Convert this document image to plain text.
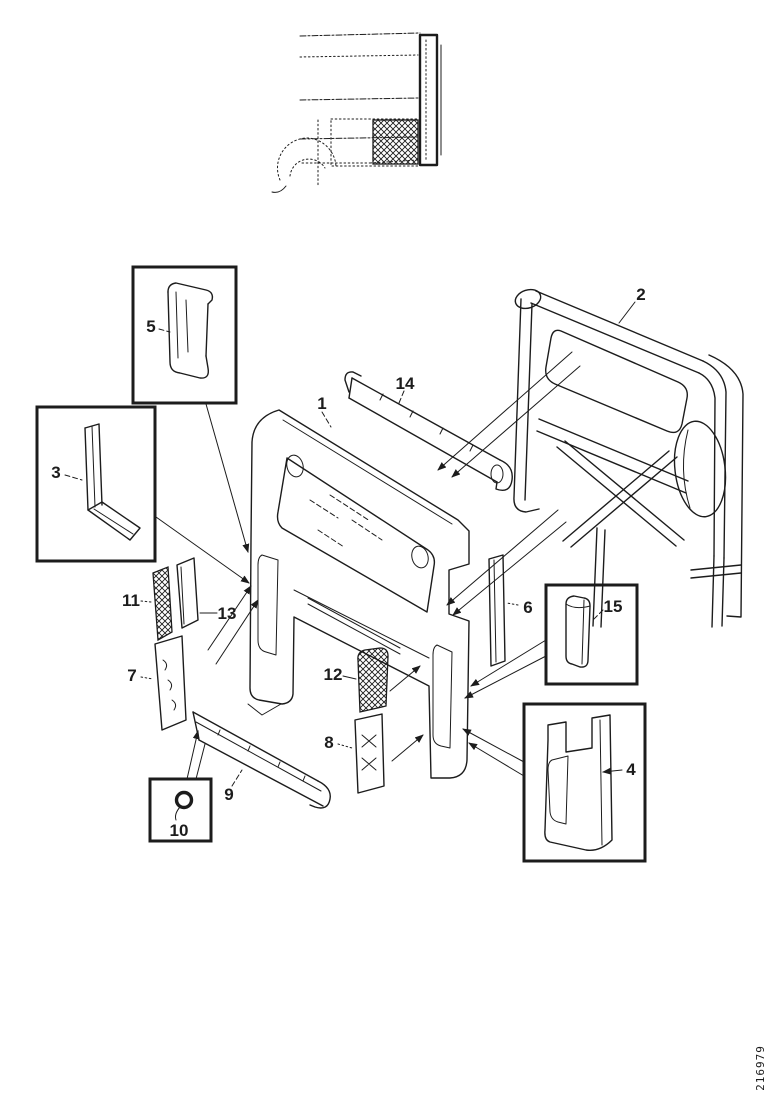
1
2
3
4
5
6
7
8
9
10
11
12
13
14
15
216979
